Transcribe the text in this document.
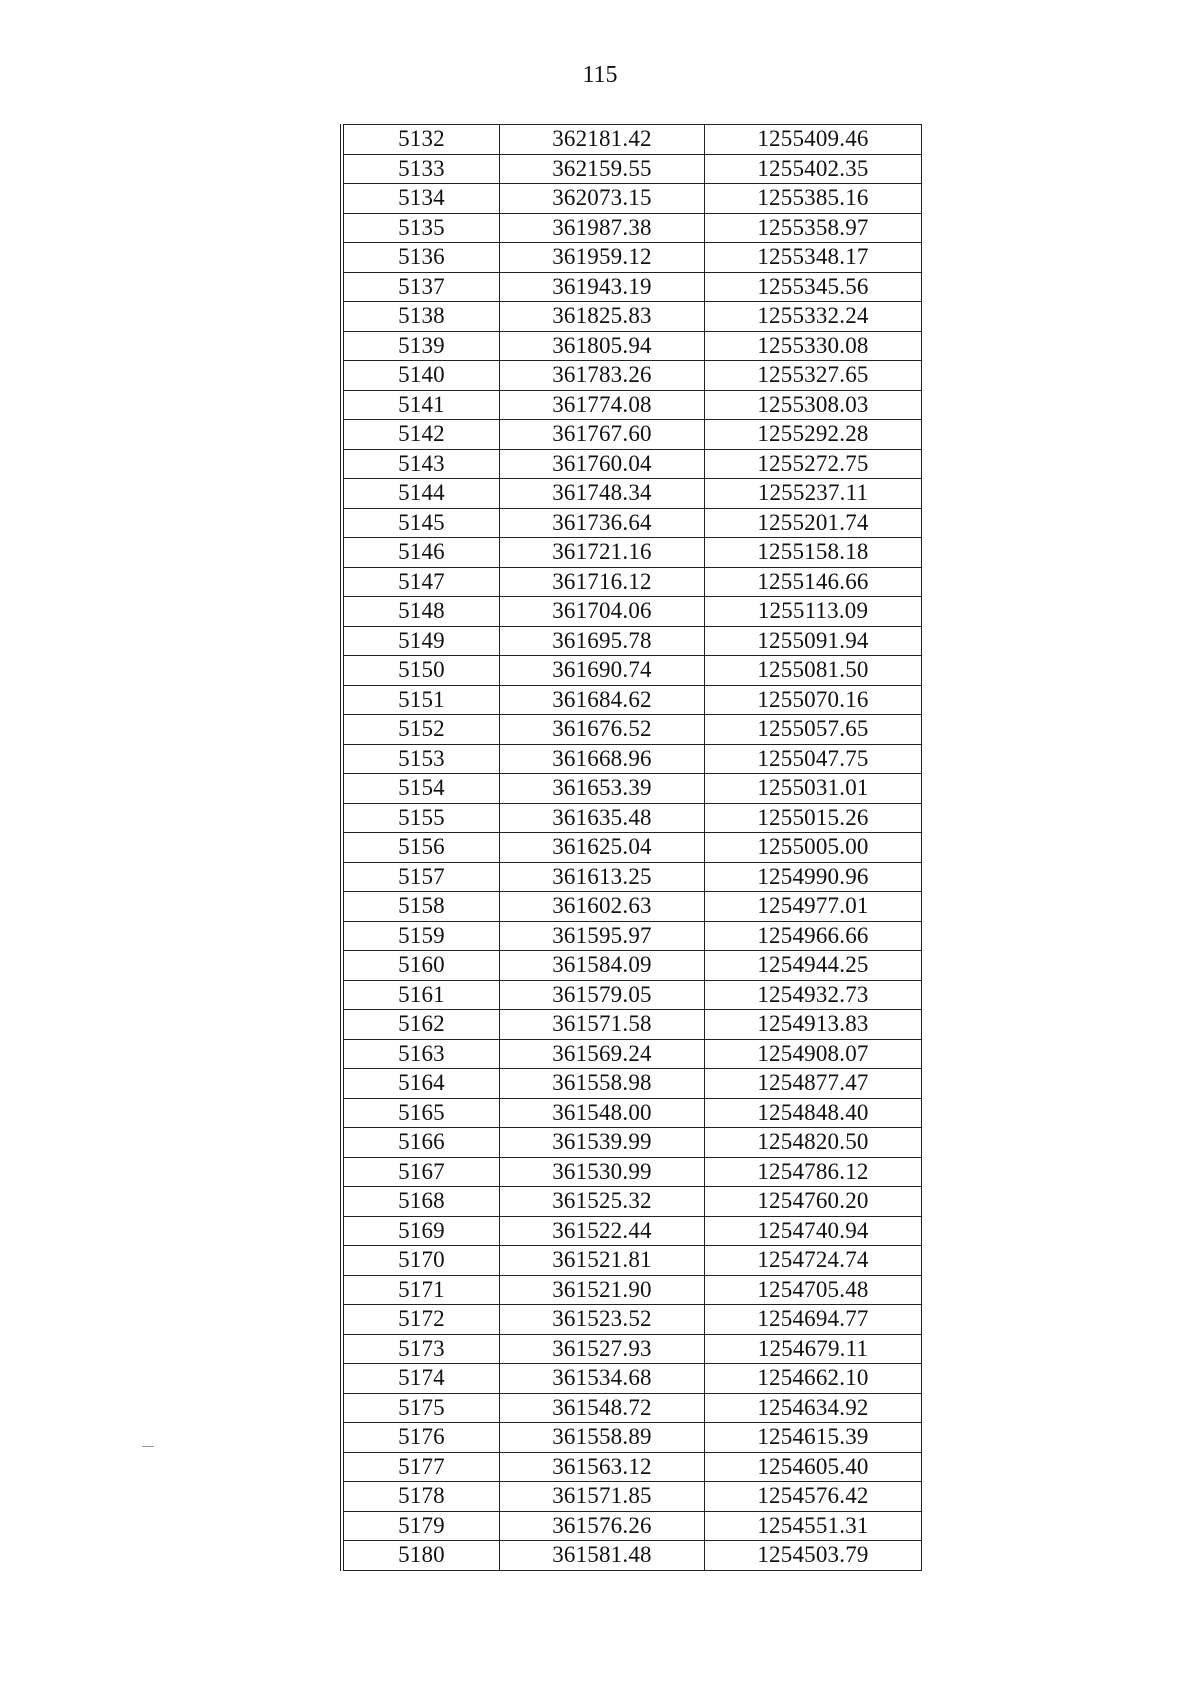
115
5132	362181.42	1255409.46
5133	362159.55	1255402.35
5134	362073.15	1255385.16
5135	361987.38	1255358.97
5136	361959.12	1255348.17
5137	361943.19	1255345.56
5138	361825.83	1255332.24
5139	361805.94	1255330.08
5140	361783.26	1255327.65
5141	361774.08	1255308.03
5142	361767.60	1255292.28
5143	361760.04	1255272.75
5144	361748.34	1255237.11
5145	361736.64	1255201.74
5146	361721.16	1255158.18
5147	361716.12	1255146.66
5148	361704.06	1255113.09
5149	361695.78	1255091.94
5150	361690.74	1255081.50
5151	361684.62	1255070.16
5152	361676.52	1255057.65
5153	361668.96	1255047.75
5154	361653.39	1255031.01
5155	361635.48	1255015.26
5156	361625.04	1255005.00
5157	361613.25	1254990.96
5158	361602.63	1254977.01
5159	361595.97	1254966.66
5160	361584.09	1254944.25
5161	361579.05	1254932.73
5162	361571.58	1254913.83
5163	361569.24	1254908.07
5164	361558.98	1254877.47
5165	361548.00	1254848.40
5166	361539.99	1254820.50
5167	361530.99	1254786.12
5168	361525.32	1254760.20
5169	361522.44	1254740.94
5170	361521.81	1254724.74
5171	361521.90	1254705.48
5172	361523.52	1254694.77
5173	361527.93	1254679.11
5174	361534.68	1254662.10
5175	361548.72	1254634.92
5176	361558.89	1254615.39
5177	361563.12	1254605.40
5178	361571.85	1254576.42
5179	361576.26	1254551.31
5180	361581.48	1254503.79
